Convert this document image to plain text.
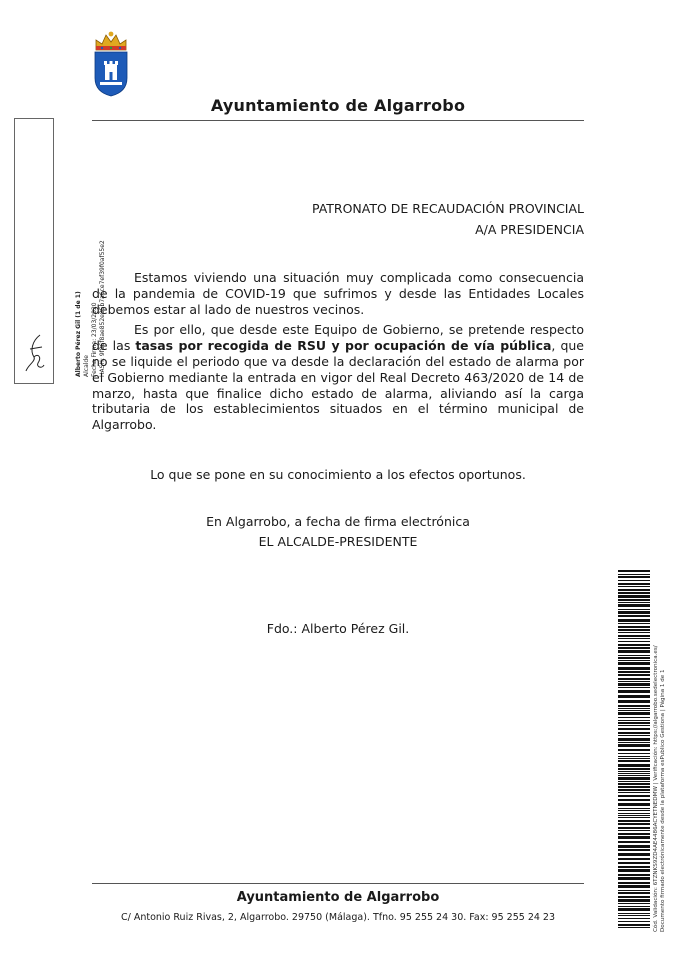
Ayuntamiento de Algarrobo
Alberto Pérez Gil (1 de 1) Alcalde Fecha Firma: 23/03/2020 HASH: 9f86f8ae852e85b7a6ce7ef39f0af55e2
PATRONATO DE RECAUDACIÓN PROVINCIAL
A/A PRESIDENCIA

Estamos viviendo una situación muy complicada como consecuencia de la pandemia de COVID-19 que sufrimos y desde las Entidades Locales debemos estar al lado de nuestros vecinos.

Es por ello, que desde este Equipo de Gobierno, se pretende respecto de las tasas por recogida de RSU y por ocupación de vía pública, que no se liquide el periodo que va desde la declaración del estado de alarma por el Gobierno mediante la entrada en vigor del Real Decreto 463/2020 de 14 de marzo, hasta que finalice dicho estado de alarma, aliviando así la carga tributaria de los establecimientos situados en el término municipal de Algarrobo.

Lo que se pone en su conocimiento a los efectos oportunos.
En Algarrobo, a fecha de firma electrónica
EL ALCALDE-PRESIDENTE
Fdo.: Alberto Pérez Gil.
Cód. Validación: 6TZNKS9ZD4AE4486ACYETNEDMW | Verificación: https://algarrobo.sedelectronica.es/ Documento firmado electrónicamente desde la plataforma esPublico Gestiona | Página 1 de 1
Ayuntamiento de Algarrobo
C/ Antonio Ruiz Rivas, 2, Algarrobo. 29750 (Málaga). Tfno. 95 255 24 30. Fax: 95 255 24 23
